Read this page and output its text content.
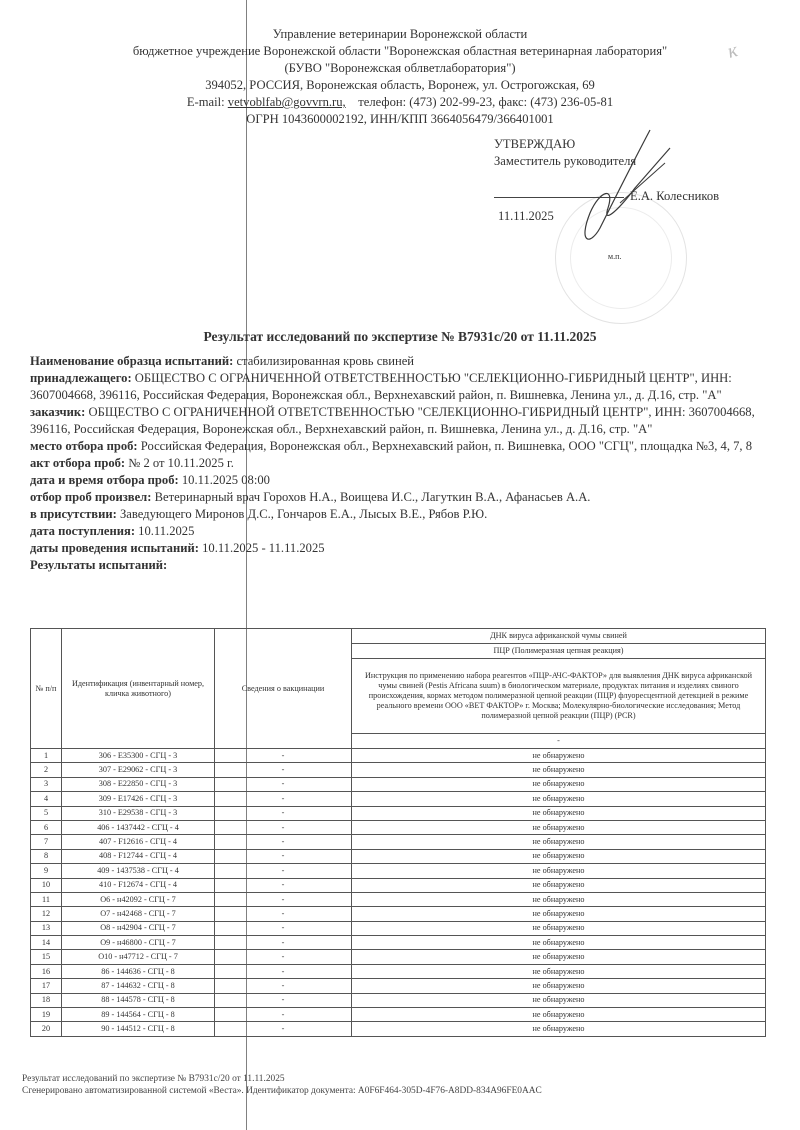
Управление ветеринарии Воронежской области
бюджетное учреждение Воронежской области "Воронежская областная ветеринарная лаборатория"
(БУВО "Воронежская облветлаборатория")
394052, РОССИЯ, Воронежская область, Воронеж, ул. Острогожская, 69
E-mail: vetvoblfab@govvrn.ru, телефон: (473) 202-99-23, факс: (473) 236-05-81
ОГРН 1043600002192, ИНН/КПП 3664056479/366401001
к
УТВЕРЖДАЮ
Заместитель руководителя
Е.А. Колесников
11.11.2025
м.п.
Результат исследований по экспертизе № В7931с/20 от 11.11.2025
Наименование образца испытаний: стабилизированная кровь свиней
принадлежащего: ОБЩЕСТВО С ОГРАНИЧЕННОЙ ОТВЕТСТВЕННОСТЬЮ "СЕЛЕКЦИОННО-ГИБРИДНЫЙ ЦЕНТР", ИНН: 3607004668, 396116, Российская Федерация, Воронежская обл., Верхнехавский район, п. Вишневка, Ленина ул., д. Д.16, стр. "А"
заказчик: ОБЩЕСТВО С ОГРАНИЧЕННОЙ ОТВЕТСТВЕННОСТЬЮ "СЕЛЕКЦИОННО-ГИБРИДНЫЙ ЦЕНТР", ИНН: 3607004668, 396116, Российская Федерация, Воронежская обл., Верхнехавский район, п. Вишневка, Ленина ул., д. Д.16, стр. "А"
место отбора проб: Российская Федерация, Воронежская обл., Верхнехавский район, п. Вишневка, ООО "СГЦ", площадка №3, 4, 7, 8
акт отбора проб: № 2 от 10.11.2025 г.
дата и время отбора проб: 10.11.2025 08:00
отбор проб произвел: Ветеринарный врач Горохов Н.А., Воищева И.С., Лагуткин В.А., Афанасьев А.А.
в присутствии: Заведующего Миронов Д.С., Гончаров Е.А., Лысых В.Е., Рябов Р.Ю.
дата поступления: 10.11.2025
даты проведения испытаний: 10.11.2025 - 11.11.2025
Результаты испытаний:
№ п/п	Идентификация (инвентарный номер, кличка животного)	Сведения о вакцинации	ДНК вируса африканской чумы свиней
			ПЦР (Полимеразная цепная реакция)
			Инструкция по применению набора реагентов «ПЦР-АЧС-ФАКТОР» для выявления ДНК вируса африканской чумы свиней (Pestis Africana suum) в биологическом материале, продуктах питания и изделиях свиного происхождения, кормах методом полимеразной цепной реакции (ПЦР) флуоресцентной детекцией в режиме реального времени ООО «ВЕТ ФАКТОР» г. Москва; Молекулярно-биологические исследования; Метод полимеразной цепной реакции (ПЦР) (PCR)
			-
1	306 - E35300 - СГЦ - 3	-	не обнаружено
2	307 - E29062 - СГЦ - 3	-	не обнаружено
3	308 - E22850 - СГЦ - 3	-	не обнаружено
4	309 - E17426 - СГЦ - 3	-	не обнаружено
5	310 - E29538 - СГЦ - 3	-	не обнаружено
6	406 - 1437442 - СГЦ - 4	-	не обнаружено
7	407 - F12616 - СГЦ - 4	-	не обнаружено
8	408 - F12744 - СГЦ - 4	-	не обнаружено
9	409 - 1437538 - СГЦ - 4	-	не обнаружено
10	410 - F12674 - СГЦ - 4	-	не обнаружено
11	O6 - н42092 - СГЦ - 7	-	не обнаружено
12	O7 - н42468 - СГЦ - 7	-	не обнаружено
13	O8 - н42904 - СГЦ - 7	-	не обнаружено
14	O9 - н46800 - СГЦ - 7	-	не обнаружено
15	O10 - н47712 - СГЦ - 7	-	не обнаружено
16	86 - 144636 - СГЦ - 8	-	не обнаружено
17	87 - 144632 - СГЦ - 8	-	не обнаружено
18	88 - 144578 - СГЦ - 8	-	не обнаружено
19	89 - 144564 - СГЦ - 8	-	не обнаружено
20	90 - 144512 - СГЦ - 8	-	не обнаружено
Результат исследований по экспертизе № В7931с/20 от 11.11.2025
Сгенерировано автоматизированной системой «Веста». Идентификатор документа: A0F6F464-305D-4F76-A8DD-834A96FE0AAC
